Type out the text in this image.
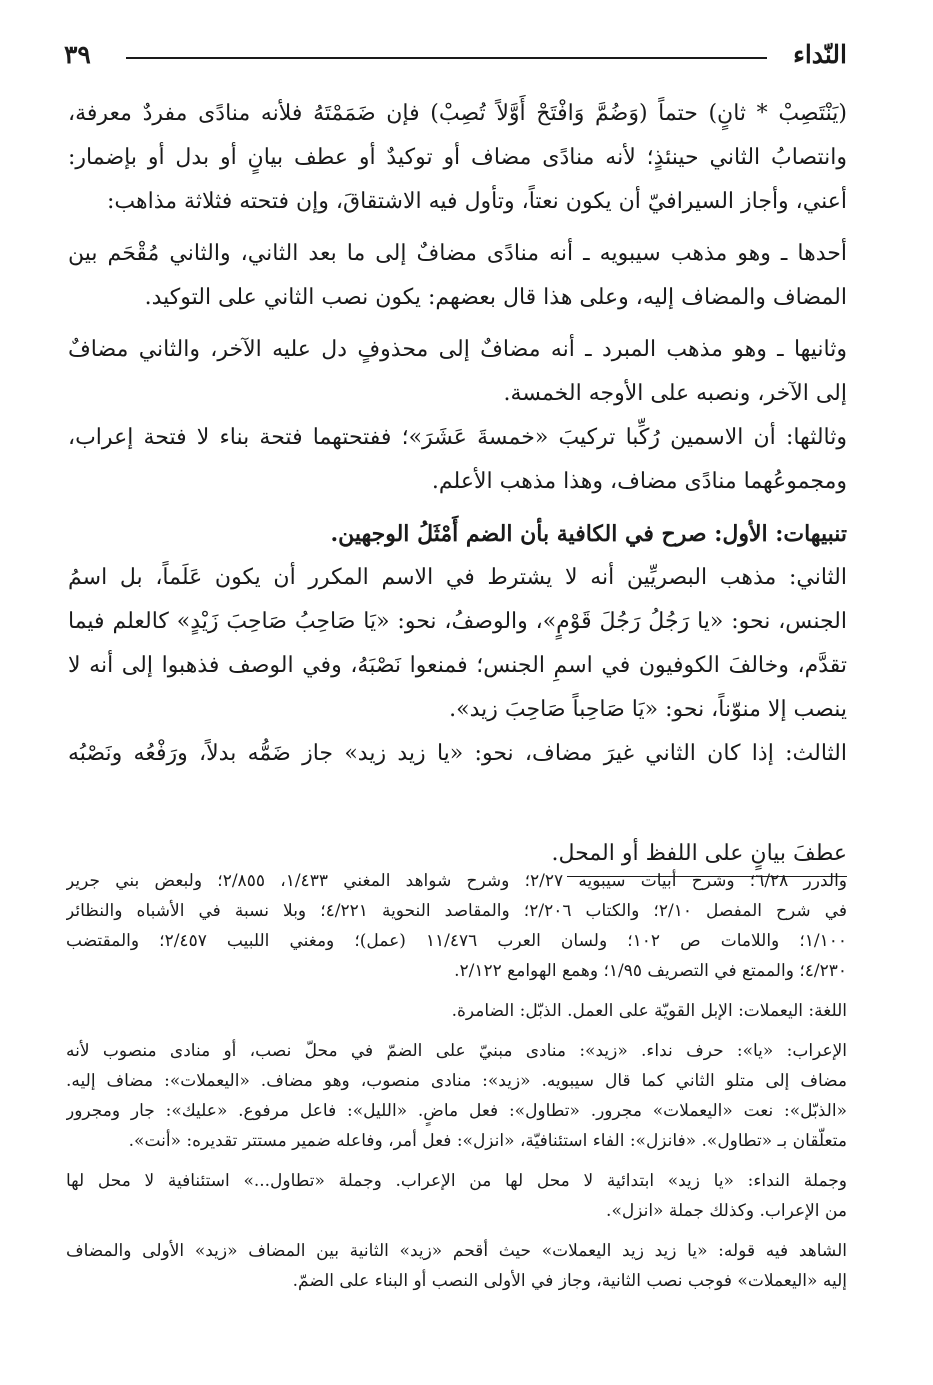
النّداء
٣٩
(يَنْتَصِبْ * ثانٍ) حتماً (وَضُمَّ وَافْتَحْ أَوَّلاً تُصِبْ) فإن ضَمَمْتَهُ فلأنه منادًى مفردٌ معرفة،
وانتصابُ الثاني حينئذٍ؛ لأنه منادًى مضاف أو توكيدٌ أو عطف بيانٍ أو بدل أو بإضمار:
أعني، وأجاز السيرافيّ أن يكون نعتاً، وتأول فيه الاشتقاقَ، وإن فتحته فثلاثة مذاهب:
أحدها ـ وهو مذهب سيبويه ـ أنه منادًى مضافٌ إلى ما بعد الثاني، والثاني مُقْحَم بين
المضاف والمضاف إليه، وعلى هذا قال بعضهم: يكون نصب الثاني على التوكيد.
وثانيها ـ وهو مذهب المبرد ـ أنه مضافٌ إلى محذوفٍ دل عليه الآخر، والثاني مضافٌ
إلى الآخر، ونصبه على الأوجه الخمسة.
وثالثها: أن الاسمين رُكِّبا تركيبَ «خمسةَ عَشَرَ»؛ ففتحتهما فتحة بناء لا فتحة إعراب،
ومجموعُهما منادًى مضاف، وهذا مذهب الأعلم.
تنبيهات: الأول: صرح في الكافية بأن الضم أَمْثَلُ الوجهين.
الثاني: مذهب البصريِّين أنه لا يشترط في الاسم المكرر أن يكون عَلَماً، بل اسمُ
الجنس، نحو: «يا رَجُلُ رَجُلَ قَوْمٍ»، والوصفُ، نحو: «يَا صَاحِبُ صَاحِبَ زَيْدٍ» كالعلم فيما
تقدَّم، وخالفَ الكوفيون في اسمِ الجنس؛ فمنعوا نَصْبَهُ، وفي الوصف فذهبوا إلى أنه لا
ينصب إلا منوّناً، نحو: «يَا صَاحِباً صَاحِبَ زيد».
الثالث: إذا كان الثاني غيرَ مضاف، نحو: «يا زيد زيد» جاز ضَمُّه بدلاً، ورَفْعُه ونَصْبُه
عطفَ بيانٍ على اللفظ أو المحل.
والدرر ٦/٢٨؛ وشرح أبيات سيبويه ٢/٢٧؛ وشرح شواهد المغني ١/٤٣٣، ٢/٨٥٥؛ ولبعض بني جرير
في شرح المفصل ٢/١٠؛ والكتاب ٢/٢٠٦؛ والمقاصد النحوية ٤/٢٢١؛ وبلا نسبة في الأشباه والنظائر
١/١٠٠؛ واللامات ص ١٠٢؛ ولسان العرب ١١/٤٧٦ (عمل)؛ ومغني اللبيب ٢/٤٥٧؛ والمقتضب
٤/٢٣٠؛ والممتع في التصريف ١/٩٥؛ وهمع الهوامع ٢/١٢٢.
اللغة: اليعملات: الإبل القويّة على العمل. الذبّل: الضامرة.
الإعراب: «يا»: حرف نداء. «زيد»: منادى مبنيّ على الضمّ في محلّ نصب، أو منادى منصوب لأنه
مضاف إلى متلو الثاني كما قال سيبويه. «زيد»: منادى منصوب، وهو مضاف. «اليعملات»: مضاف إليه.
«الذبّل»: نعت «اليعملات» مجرور. «تطاول»: فعل ماضٍ. «الليل»: فاعل مرفوع. «عليك»: جار ومجرور
متعلّقان بـ «تطاول». «فانزل»: الفاء استئنافيّة، «انزل»: فعل أمر، وفاعله ضمير مستتر تقديره: «أنت».
وجملة النداء: «يا زيد» ابتدائية لا محل لها من الإعراب. وجملة «تطاول...» استئنافية لا محل لها
من الإعراب. وكذلك جملة «انزل».
الشاهد فيه قوله: «يا زيد زيد اليعملات» حيث أقحم «زيد» الثانية بين المضاف «زيد» الأولى والمضاف
إليه «اليعملات» فوجب نصب الثانية، وجاز في الأولى النصب أو البناء على الضمّ.
